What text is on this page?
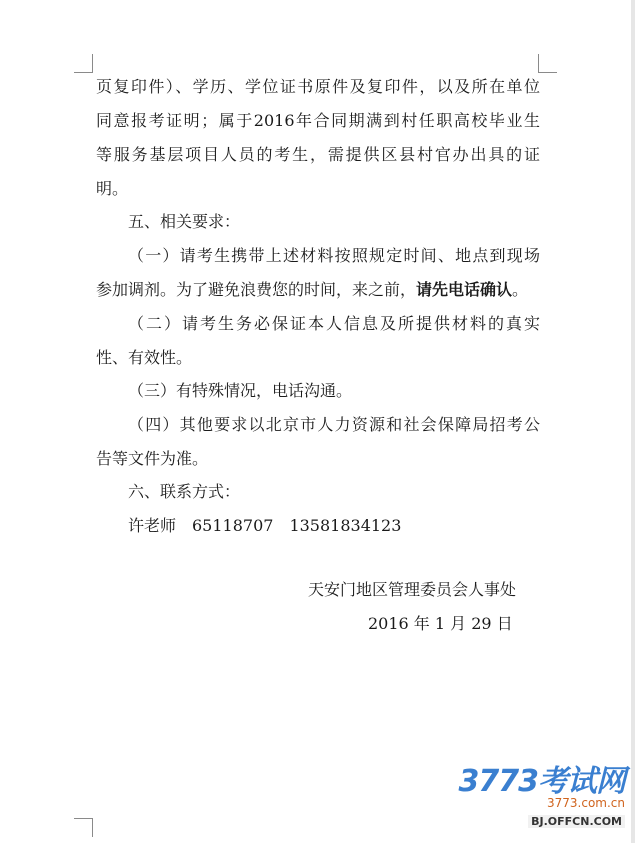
页复印件）、学历、学位证书原件及复印件，以及所在单位
同意报考证明；属于2016年合同期满到村任职高校毕业生
等服务基层项目人员的考生，需提供区县村官办出具的证
明。
五、相关要求：
（一）请考生携带上述材料按照规定时间、地点到现场
参加调剂。为了避免浪费您的时间，来之前，请先电话确认。
（二）请考生务必保证本人信息及所提供材料的真实
性、有效性。
（三）有特殊情况，电话沟通。
（四）其他要求以北京市人力资源和社会保障局招考公
告等文件为准。
六、联系方式：
许老师　65118707　13581834123
天安门地区管理委员会人事处
2016 年 1 月 29 日
3773考试网
3773.com.cn
BJ.OFFCN.COM
